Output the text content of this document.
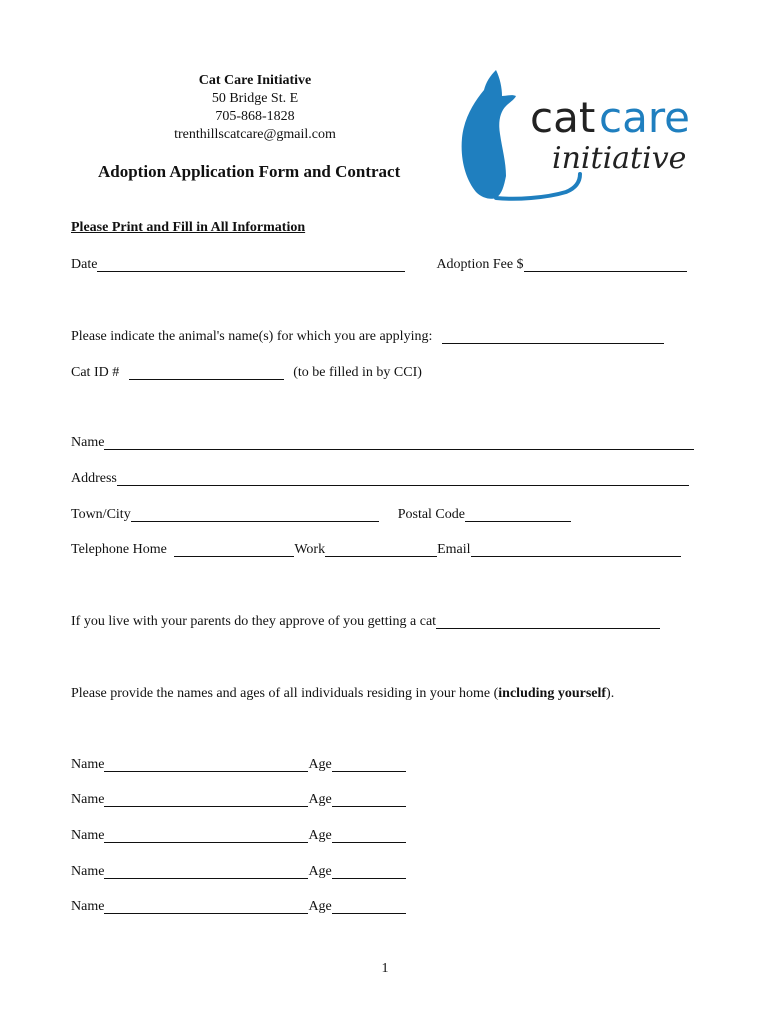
Cat Care Initiative
50 Bridge St. E
705-868-1828
trenthillscatcare@gmail.com	cat care
initiative
Adoption Application Form and Contract
Please Print and Fill in All Information
Date	Adoption Fee $
Please indicate the animal's name(s) for which you are applying:
Cat ID #	(to be filled in by CCI)
Name
Address
Town/City	Postal Code
Telephone Home	Work	Email
If you live with your parents do they approve of you getting a cat
Please provide the names and ages of all individuals residing in your home (including yourself).
Name	Age
Name	Age
Name	Age
Name	Age
Name	Age
1
